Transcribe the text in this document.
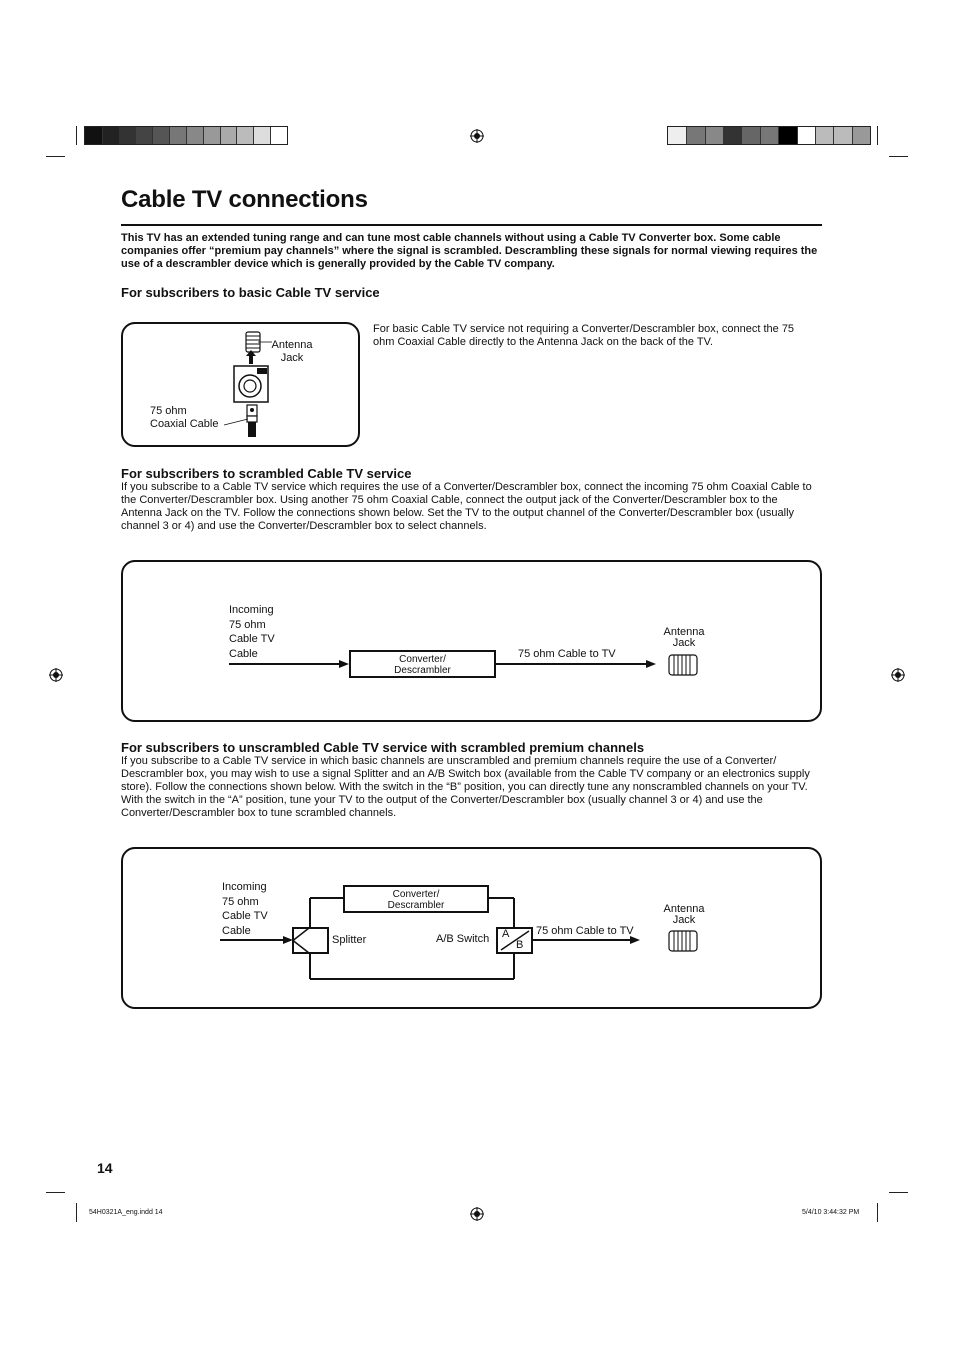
Cable TV connections
This TV has an extended tuning range and can tune most cable channels without using a Cable TV Converter box. Some cable companies offer “premium pay channels” where the signal is scrambled. Descrambling these signals for normal viewing requires the use of a descrambler device which is generally provided by the Cable TV company.
For subscribers to basic Cable TV service
For basic Cable TV service not requiring a Converter/Descrambler box, connect the 75 ohm Coaxial Cable directly to the Antenna Jack on the back of the TV.
Antenna
Jack
75 ohm
Coaxial Cable
For subscribers to scrambled Cable TV service
If you subscribe to a Cable TV service which requires the use of a Converter/Descrambler box, connect the incoming 75 ohm Coaxial Cable to the Converter/Descrambler box. Using another 75 ohm Coaxial Cable, connect the output jack of the Converter/Descrambler box to the Antenna Jack on the TV. Follow the connections shown below. Set the TV to the output channel of the Converter/Descrambler box (usually channel 3 or 4) and use the Converter/Descrambler box to select channels.
Incoming
75 ohm
Cable TV
Cable	Converter/
Descrambler
75 ohm Cable to TV
Antenna
Jack
For subscribers to unscrambled Cable TV service with scrambled premium channels
If you subscribe to a Cable TV service in which basic channels are unscrambled and premium channels require the use of a Converter/ Descrambler box, you may wish to use a signal Splitter and an A/B Switch box (available from the Cable TV company or an electronics supply store). Follow the connections shown below. With the switch in the “B” position, you can directly tune any nonscrambled channels on your TV. With the switch in the “A” position, tune your TV to the output of the Converter/Descrambler box (usually channel 3 or 4) and use the Converter/Descrambler box to tune scrambled channels.
Incoming
75 ohm
Cable TV
Cable
Splitter
Converter/
Descrambler
A/B Switch A
B
75 ohm Cable to TV
Antenna
Jack
14
54H0321A_eng.indd 14	5/4/10 3:44:32 PM
